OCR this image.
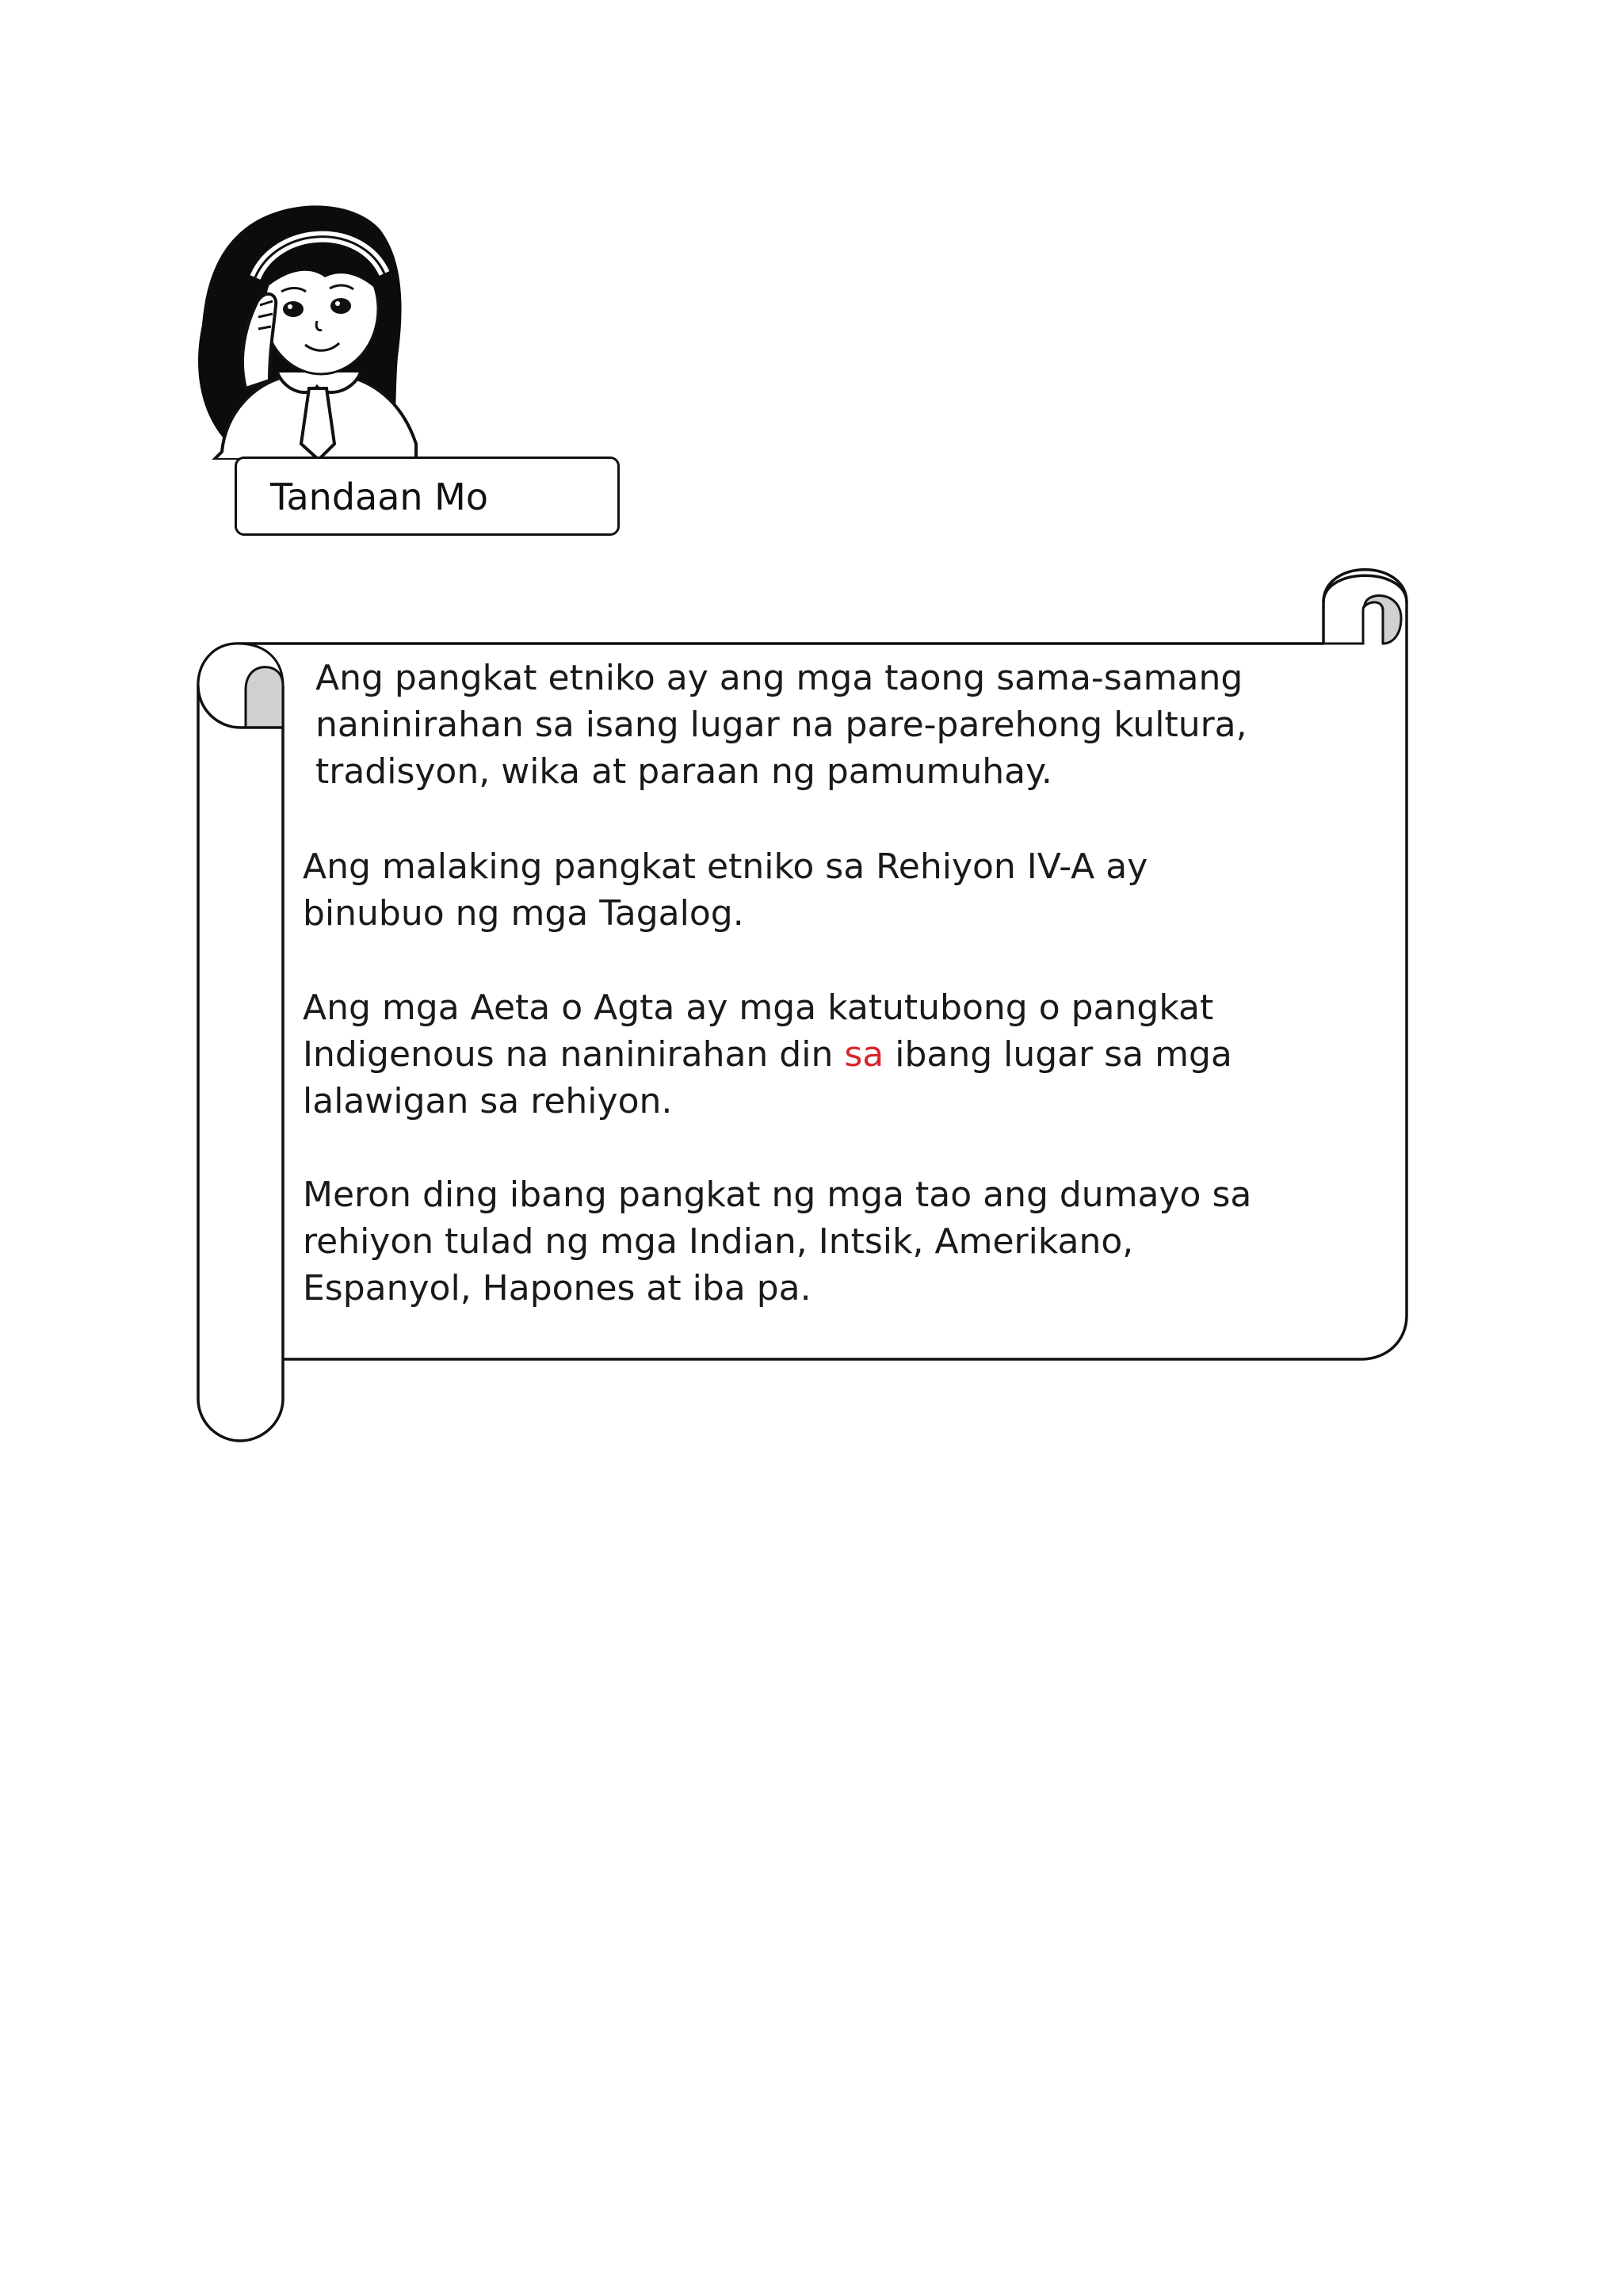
Tandaan Mo

Ang pangkat etniko ay ang mga taong sama-samang
naninirahan sa isang lugar na pare-parehong kultura,
tradisyon, wika at paraan ng pamumuhay.

Ang malaking pangkat etniko sa Rehiyon IV-A ay
binubuo ng mga Tagalog.

Ang mga Aeta o Agta ay mga katutubong o pangkat
Indigenous na naninirahan din sa ibang lugar sa mga
lalawigan sa rehiyon.

Meron ding ibang pangkat ng mga tao ang dumayo sa
rehiyon tulad ng mga Indian, Intsik, Amerikano,
Espanyol, Hapones at iba pa.
